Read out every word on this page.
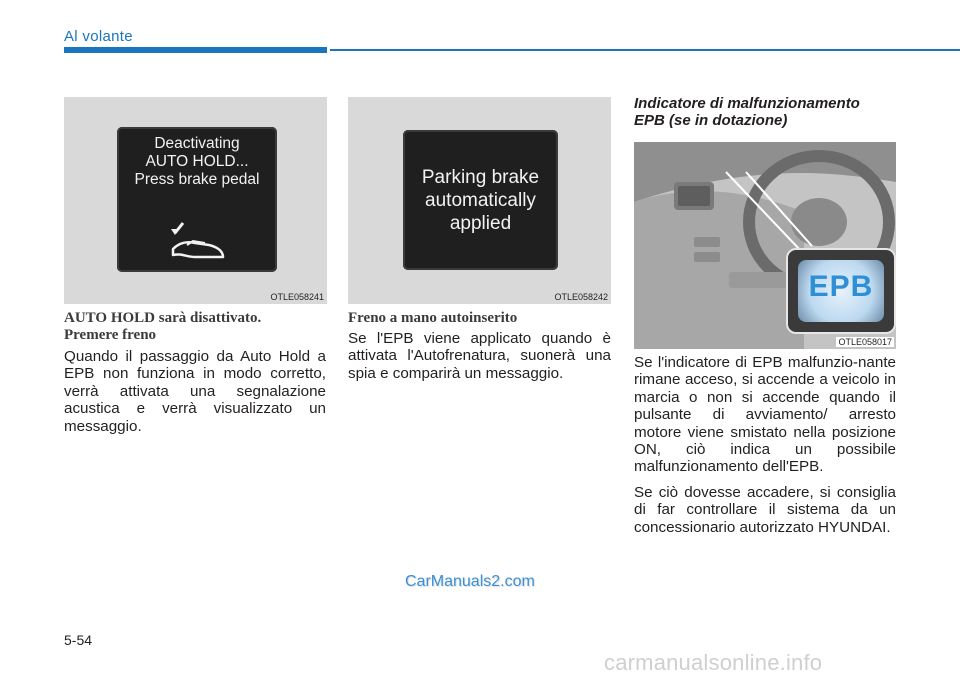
Al volante
Deactivating
AUTO HOLD...
Press brake pedal
OTLE058241
AUTO HOLD sarà disattivato.
Premere freno

Quando il passaggio da Auto Hold a EPB non funziona in modo corretto, verrà attivata una segnalazione acustica e verrà visualizzato un messaggio.

Parking brake
automatically
applied
OTLE058242
Freno a mano autoinserito

Se l'EPB viene applicato quando è attivata l'Autofrenatura, suonerà una spia e comparirà un messaggio.

Indicatore di malfunzionamento
EPB (se in dotazione)
EPB
OTLE058017

Se l'indicatore di EPB malfunzio-nante rimane acceso, si accende a veicolo in marcia o non si accende quando il pulsante di avviamento/ arresto motore viene smistato nella posizione ON, ciò indica un possibile malfunzionamento dell'EPB.

Se ciò dovesse accadere, si consiglia di far controllare il sistema da un concessionario autorizzato HYUNDAI.

CarManuals2.com
5-54
carmanualsonline.info
